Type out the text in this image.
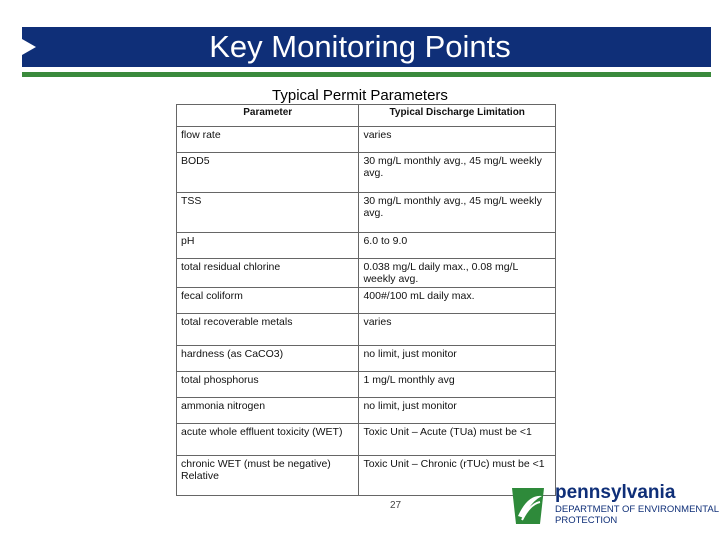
Key Monitoring Points
Typical Permit Parameters
Parameter	Typical Discharge Limitation
flow rate	varies
BOD5	30 mg/L monthly avg., 45 mg/L weekly avg.
TSS	30 mg/L monthly avg., 45 mg/L weekly avg.
pH	6.0 to 9.0
total residual chlorine	0.038 mg/L daily max., 0.08 mg/L weekly avg.
fecal coliform	400#/100 mL daily max.
total recoverable metals	varies
hardness (as CaCO3)	no limit, just monitor
total phosphorus	1 mg/L monthly avg
ammonia nitrogen	no limit, just monitor
acute whole effluent toxicity (WET)	Toxic Unit – Acute (TUa) must be <1
chronic WET (must be negative) Relative	Toxic Unit – Chronic (rTUc) must be <1
27
pennsylvania
DEPARTMENT OF ENVIRONMENTAL
PROTECTION
